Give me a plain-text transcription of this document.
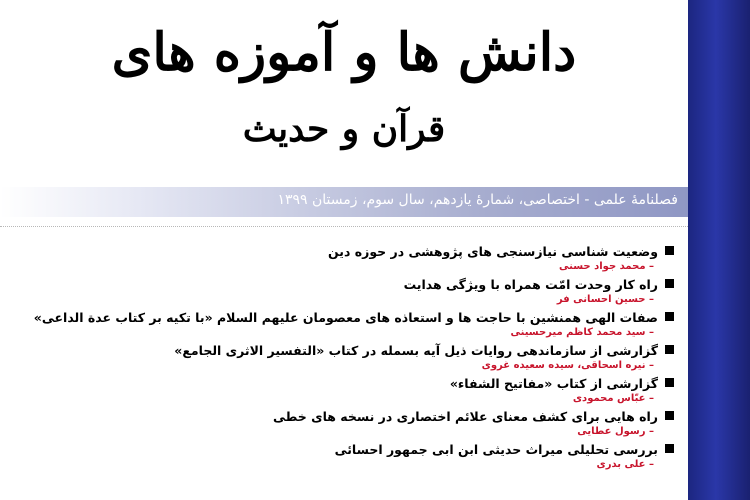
دانش ها و آموزه های
قرآن و حدیث
فصلنامۀ علمی - اختصاصی، شمارۀ یازدهم، سال سوم، زمستان ۱۳۹۹
وضعیت شناسی نیازسنجی های پژوهشی در حوزه دین
– محمد جواد حسنی
راه کار وحدت امّت همراه با ویژگی هدایت
– حسین احسانی فر
صفات الهی همنشین با حاجت ها و استعاذه های معصومان علیهم السلام «با تکیه بر کتاب عدة الداعی»
– سید محمد کاظم میرحسینی
گزارشی از سازماندهی روایات ذیل آیه بسمله در کتاب «التفسیر الاثری الجامع»
– نیره اسحاقی، سیده سعیده غروی
گزارشی از کتاب «مفاتیح الشفاء»
– عبّاس محمودی
راه هایی برای کشف معنای علائم اختصاری در نسخه های خطی
– رسول عطایی
بررسی تحلیلی میراث حدیثی ابن ابی جمهور احسائی
– علی بدری
